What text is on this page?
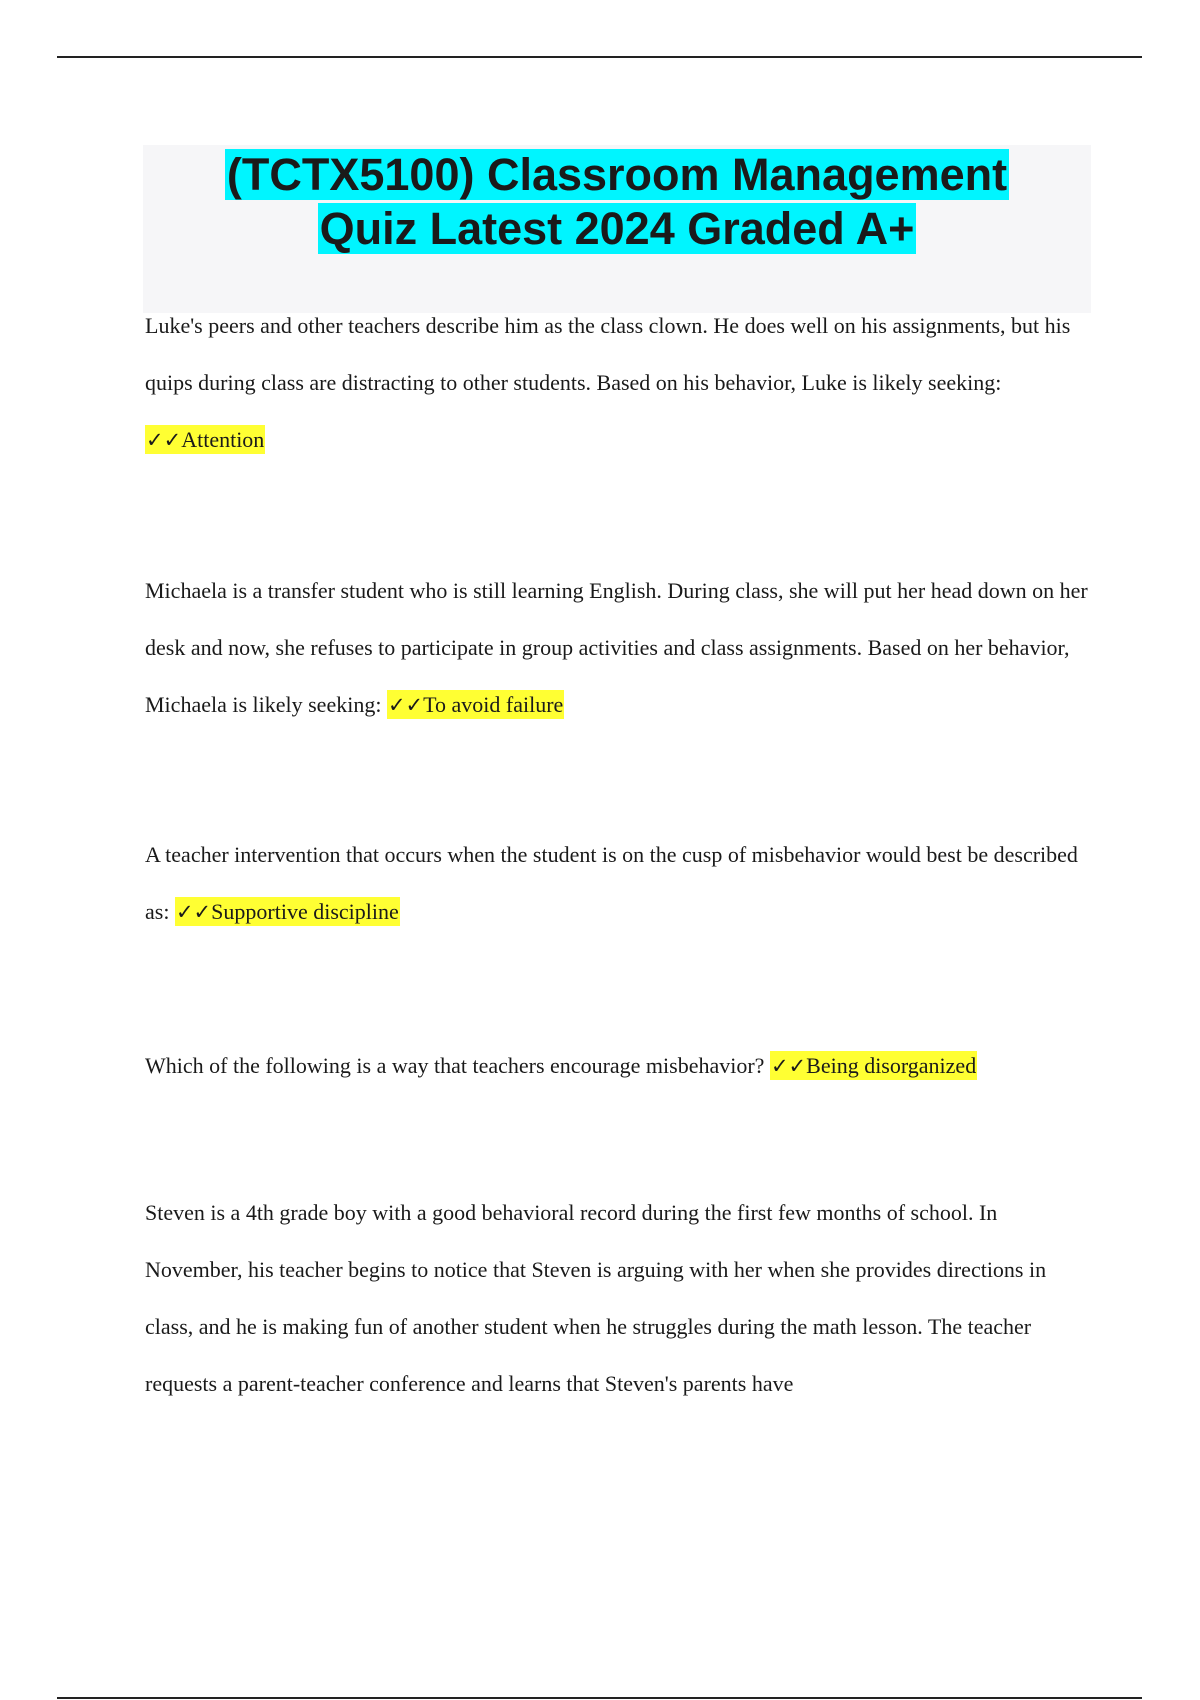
(TCTX5100) Classroom Management
Quiz Latest 2024 Graded A+

Luke's peers and other teachers describe him as the class clown. He does well on his assignments, but his quips during class are distracting to other students. Based on his behavior, Luke is likely seeking: ✓✓Attention

Michaela is a transfer student who is still learning English. During class, she will put her head down on her desk and now, she refuses to participate in group activities and class assignments. Based on her behavior, Michaela is likely seeking: ✓✓To avoid failure

A teacher intervention that occurs when the student is on the cusp of misbehavior would best be described as: ✓✓Supportive discipline

Which of the following is a way that teachers encourage misbehavior? ✓✓Being disorganized

Steven is a 4th grade boy with a good behavioral record during the first few months of school. In November, his teacher begins to notice that Steven is arguing with her when she provides directions in class, and he is making fun of another student when he struggles during the math lesson. The teacher requests a parent-teacher conference and learns that Steven's parents have
